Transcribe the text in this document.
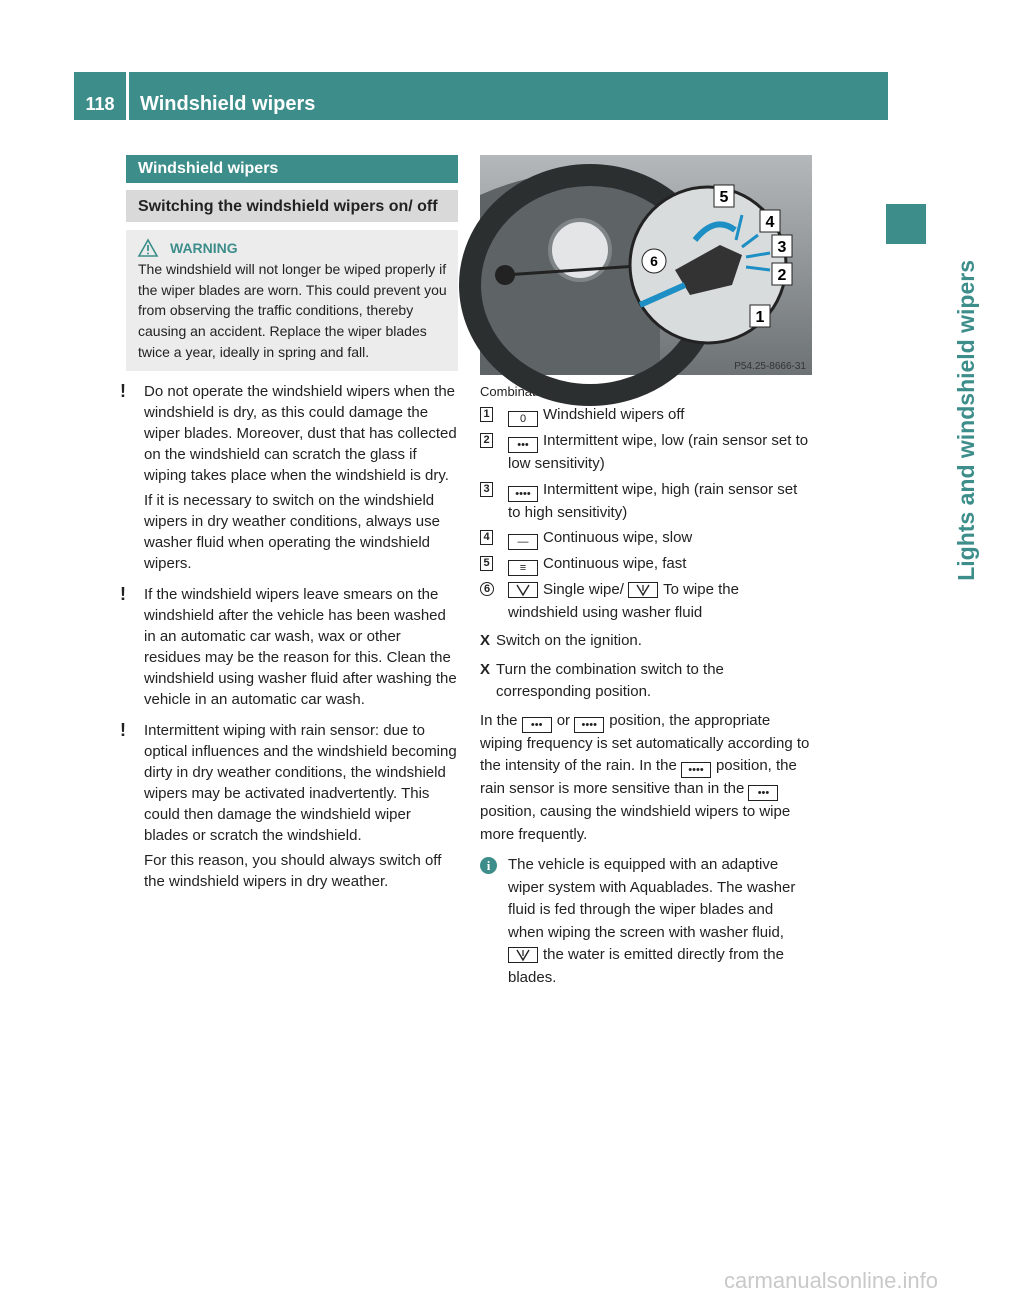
118	Windshield wipers
Lights and windshield wipers
Windshield wipers
Switching the windshield wipers on/ off
WARNING
The windshield will not longer be wiped properly if the wiper blades are worn. This could prevent you from observing the traffic conditions, thereby causing an accident. Replace the wiper blades twice a year, ideally in spring and fall.
! Do not operate the windshield wipers when the windshield is dry, as this could damage the wiper blades. Moreover, dust that has collected on the windshield can scratch the glass if wiping takes place when the windshield is dry.

If it is necessary to switch on the windshield wipers in dry weather conditions, always use washer fluid when operating the windshield wipers.

! If the windshield wipers leave smears on the windshield after the vehicle has been washed in an automatic car wash, wax or other residues may be the reason for this. Clean the windshield using washer fluid after washing the vehicle in an automatic car wash.

! Intermittent wiping with rain sensor: due to optical influences and the windshield becoming dirty in dry weather conditions, the windshield wipers may be activated inadvertently. This could then damage the windshield wiper blades or scratch the windshield.

For this reason, you should always switch off the windshield wipers in dry weather.

5
4
3
2
1
6
P54.25-8666-31
Combination switch
1	0 Windshield wipers off
2	••• Intermittent wipe, low (rain sensor set to low sensitivity)
3	•••• Intermittent wipe, high (rain sensor set to high sensitivity)
4	— Continuous wipe, slow
5	≡ Continuous wipe, fast
6	Single wipe/	To wipe the windshield using washer fluid
X Switch on the ignition.
X Turn the combination switch to the corresponding position.
In the ••• or •••• position, the appropriate wiping frequency is set automatically according to the intensity of the rain. In the •••• position, the rain sensor is more sensitive than in the •••position, causing the windshield wipers to wipe more frequently.
i	The vehicle is equipped with an adaptive wiper system with Aquablades. The washer fluid is fed through the wiper blades and when wiping the screen with washer fluid, the water is emitted directly from the blades.
carmanualsonline.info
